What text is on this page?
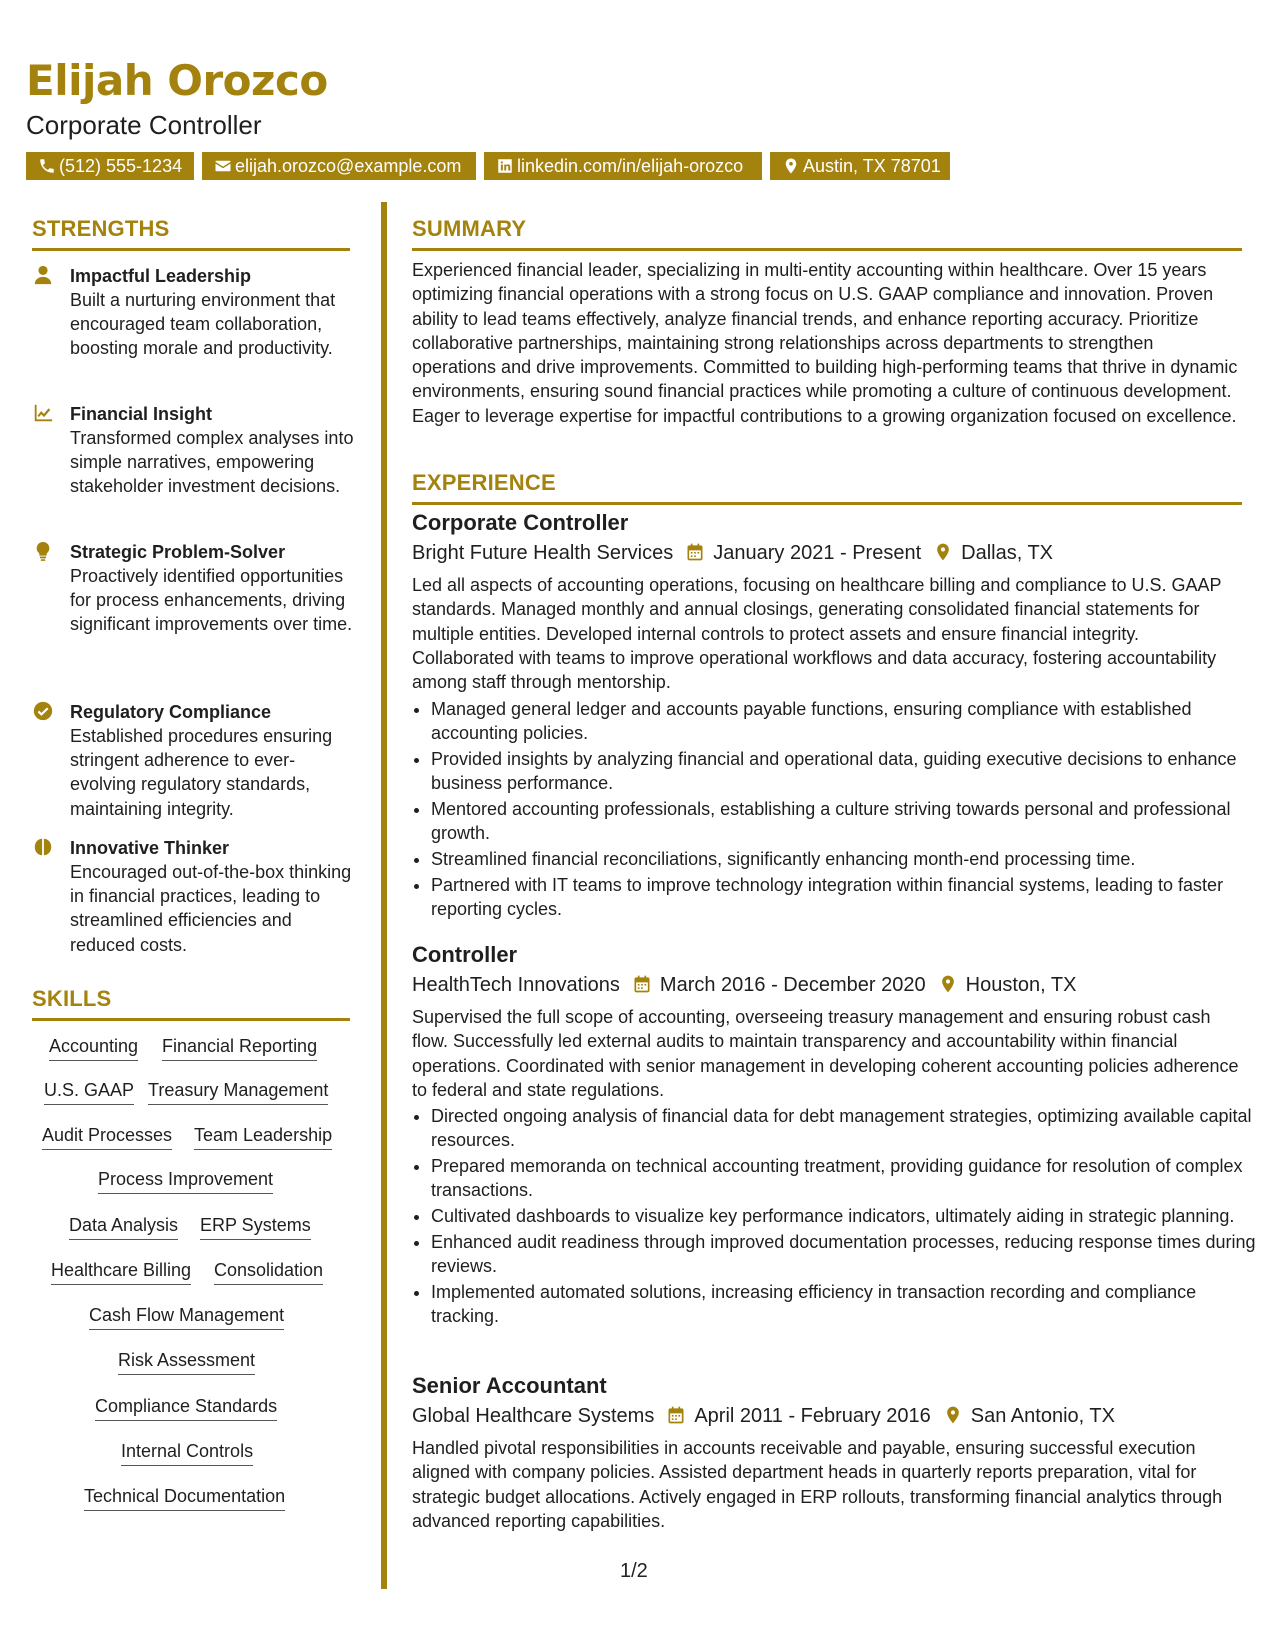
Elijah Orozco
Corporate Controller
(512) 555-1234	elijah.orozco@example.com	linkedin.com/in/elijah-orozco	Austin, TX 78701
STRENGTHS
Impactful Leadership
Built a nurturing environment that encouraged team collaboration, boosting morale and productivity.
Financial Insight
Transformed complex analyses into simple narratives, empowering stakeholder investment decisions.
Strategic Problem-Solver
Proactively identified opportunities for process enhancements, driving significant improvements over time.
Regulatory Compliance
Established procedures ensuring stringent adherence to ever-evolving regulatory standards, maintaining integrity.
Innovative Thinker
Encouraged out-of-the-box thinking in financial practices, leading to streamlined efficiencies and reduced costs.
SKILLS
Accounting Financial Reporting
U.S. GAAP Treasury Management
Audit Processes Team Leadership
Process Improvement
Data Analysis ERP Systems
Healthcare Billing Consolidation
Cash Flow Management
Risk Assessment
Compliance Standards
Internal Controls
Technical Documentation
SUMMARY

Experienced financial leader, specializing in multi-entity accounting within healthcare. Over 15 years optimizing financial operations with a strong focus on U.S. GAAP compliance and innovation. Proven ability to lead teams effectively, analyze financial trends, and enhance reporting accuracy. Prioritize collaborative partnerships, maintaining strong relationships across departments to strengthen operations and drive improvements. Committed to building high-performing teams that thrive in dynamic environments, ensuring sound financial practices while promoting a culture of continuous development. Eager to leverage expertise for impactful contributions to a growing organization focused on excellence.

EXPERIENCE
Corporate Controller
Bright Future Health Services January 2021 - Present Dallas, TX

Led all aspects of accounting operations, focusing on healthcare billing and compliance to U.S. GAAP standards. Managed monthly and annual closings, generating consolidated financial statements for multiple entities. Developed internal controls to protect assets and ensure financial integrity. Collaborated with teams to improve operational workflows and data accuracy, fostering accountability among staff through mentorship.

• Managed general ledger and accounts payable functions, ensuring compliance with established accounting policies.
• Provided insights by analyzing financial and operational data, guiding executive decisions to enhance business performance.
• Mentored accounting professionals, establishing a culture striving towards personal and professional growth.
• Streamlined financial reconciliations, significantly enhancing month-end processing time.
• Partnered with IT teams to improve technology integration within financial systems, leading to faster reporting cycles.
Controller
HealthTech Innovations March 2016 - December 2020 Houston, TX

Supervised the full scope of accounting, overseeing treasury management and ensuring robust cash flow. Successfully led external audits to maintain transparency and accountability within financial operations. Coordinated with senior management in developing coherent accounting policies adherence to federal and state regulations.

• Directed ongoing analysis of financial data for debt management strategies, optimizing available capital resources.
• Prepared memoranda on technical accounting treatment, providing guidance for resolution of complex transactions.
• Cultivated dashboards to visualize key performance indicators, ultimately aiding in strategic planning.
• Enhanced audit readiness through improved documentation processes, reducing response times during reviews.
• Implemented automated solutions, increasing efficiency in transaction recording and compliance tracking.
Senior Accountant
Global Healthcare Systems April 2011 - February 2016 San Antonio, TX

Handled pivotal responsibilities in accounts receivable and payable, ensuring successful execution aligned with company policies. Assisted department heads in quarterly reports preparation, vital for strategic budget allocations. Actively engaged in ERP rollouts, transforming financial analytics through advanced reporting capabilities.

1/2
